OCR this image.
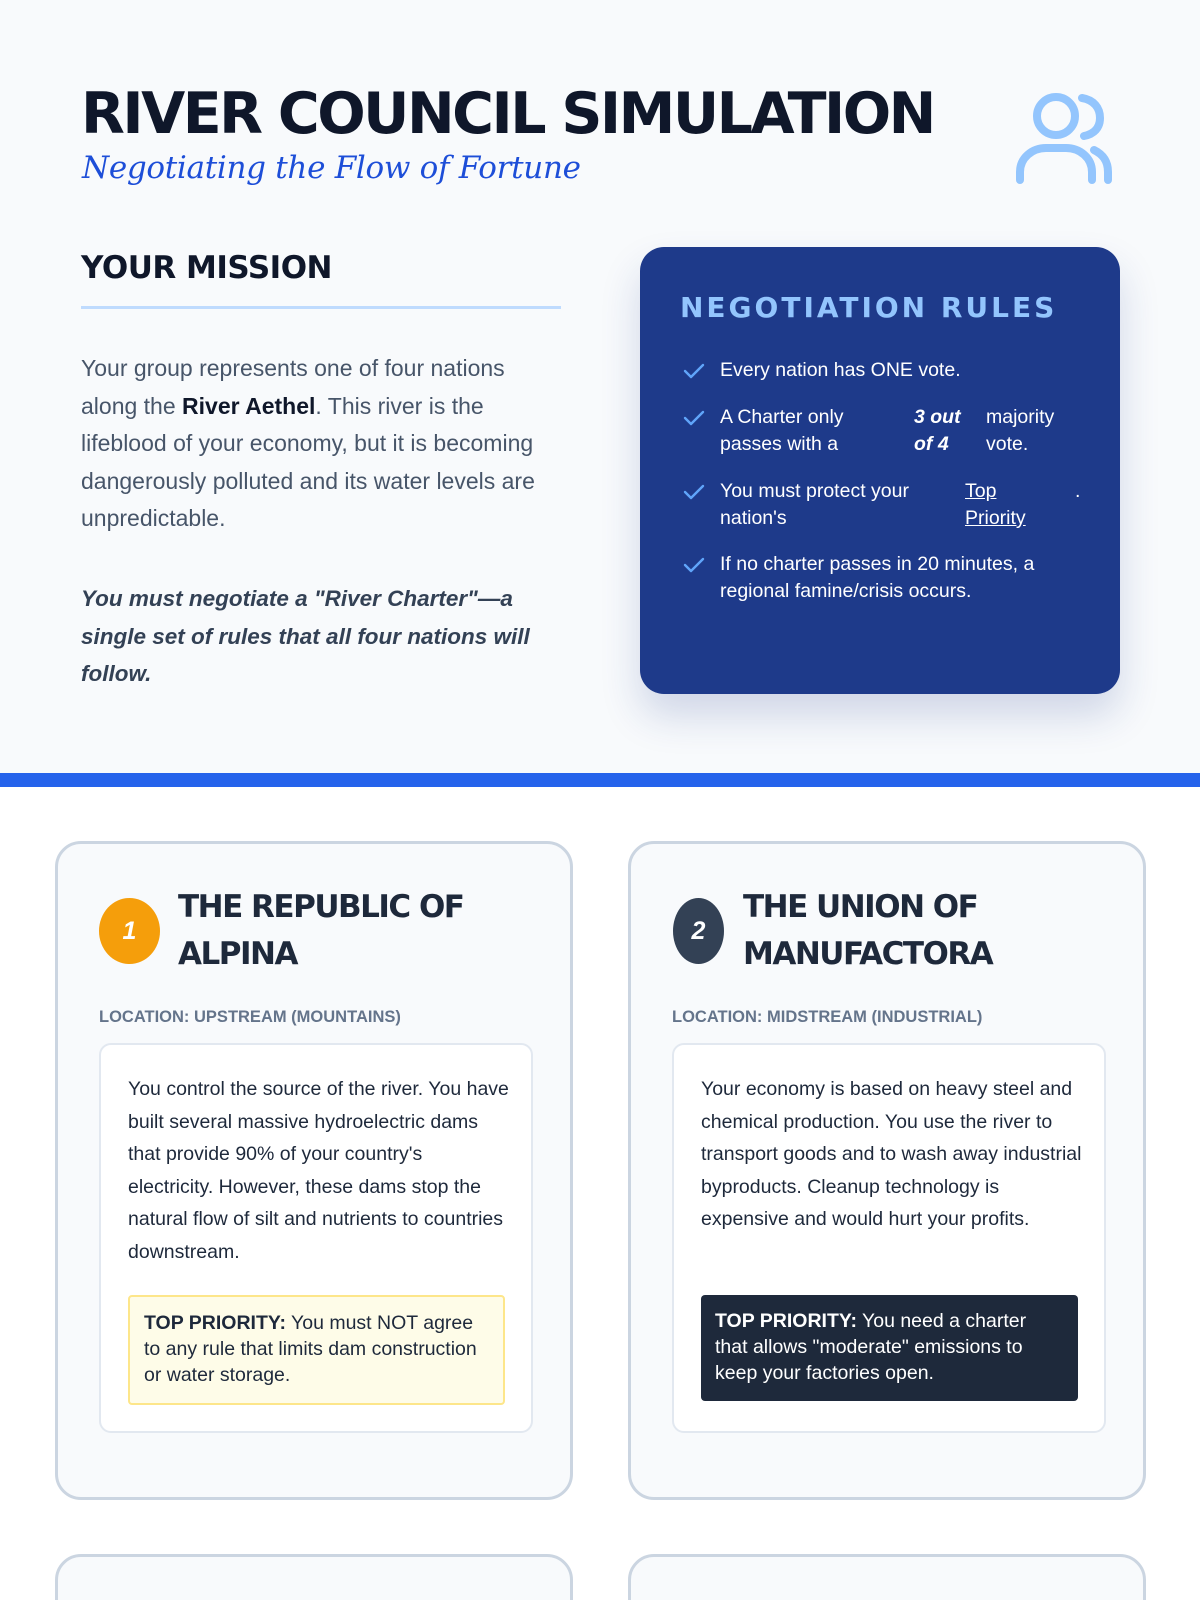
RIVER COUNCIL SIMULATION
Negotiating the Flow of Fortune
YOUR MISSION
Your group represents one of four nations along the River Aethel. This river is the lifeblood of your economy, but it is becoming dangerously polluted and its water levels are unpredictable.
You must negotiate a "River Charter"—a single set of rules that all four nations will follow.
NEGOTIATION RULES
Every nation has ONE vote.
A Charter only passes with a
3 out of 4
majority vote.
You must protect your nation's
Top Priority
.
If no charter passes in 20 minutes, a regional famine/crisis occurs.
1
THE REPUBLIC OF ALPINA
LOCATION: UPSTREAM (MOUNTAINS)
You control the source of the river. You have built several massive hydroelectric dams that provide 90% of your country's electricity. However, these dams stop the natural flow of silt and nutrients to countries downstream.
TOP PRIORITY: You must NOT agree to any rule that limits dam construction or water storage.
2
THE UNION OF MANUFACTORA
LOCATION: MIDSTREAM (INDUSTRIAL)
Your economy is based on heavy steel and chemical production. You use the river to transport goods and to wash away industrial byproducts. Cleanup technology is expensive and would hurt your profits.
TOP PRIORITY: You need a charter that allows "moderate" emissions to keep your factories open.
